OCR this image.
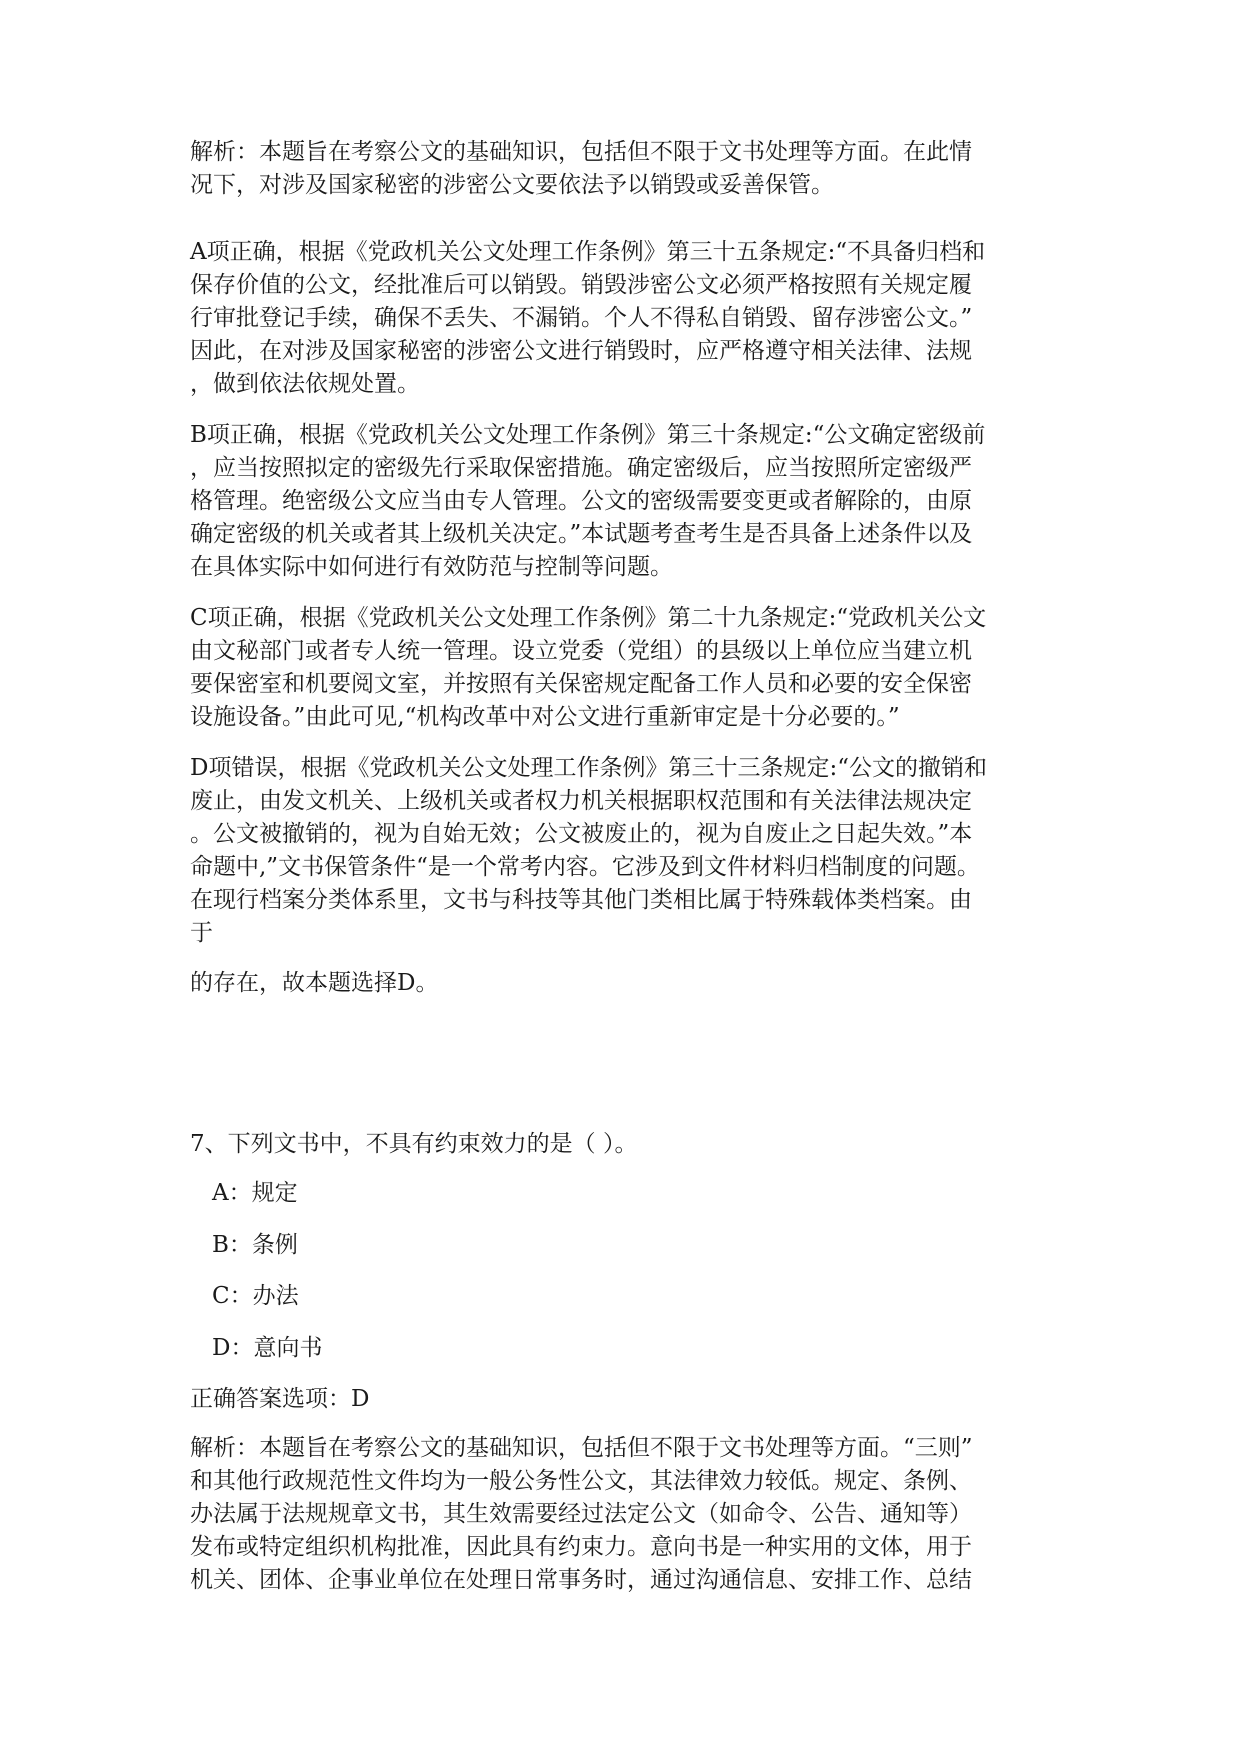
解析：本题旨在考察公文的基础知识，包括但不限于文书处理等方面。在此情
况下，对涉及国家秘密的涉密公文要依法予以销毁或妥善保管。

A项正确，根据《党政机关公文处理工作条例》第三十五条规定:“不具备归档和
保存价值的公文，经批准后可以销毁。销毁涉密公文必须严格按照有关规定履
行审批登记手续，确保不丢失、不漏销。个人不得私自销毁、留存涉密公文。”
因此，在对涉及国家秘密的涉密公文进行销毁时，应严格遵守相关法律、法规
，做到依法依规处置。

B项正确，根据《党政机关公文处理工作条例》第三十条规定:“公文确定密级前
，应当按照拟定的密级先行采取保密措施。确定密级后，应当按照所定密级严
格管理。绝密级公文应当由专人管理。公文的密级需要变更或者解除的，由原
确定密级的机关或者其上级机关决定。”本试题考查考生是否具备上述条件以及
在具体实际中如何进行有效防范与控制等问题。

C项正确，根据《党政机关公文处理工作条例》第二十九条规定:“党政机关公文
由文秘部门或者专人统一管理。设立党委（党组）的县级以上单位应当建立机
要保密室和机要阅文室，并按照有关保密规定配备工作人员和必要的安全保密
设施设备。”由此可见,“机构改革中对公文进行重新审定是十分必要的。”

D项错误，根据《党政机关公文处理工作条例》第三十三条规定:“公文的撤销和
废止，由发文机关、上级机关或者权力机关根据职权范围和有关法律法规决定
。公文被撤销的，视为自始无效；公文被废止的，视为自废止之日起失效。”本
命题中,”文书保管条件“是一个常考内容。它涉及到文件材料归档制度的问题。
在现行档案分类体系里，文书与科技等其他门类相比属于特殊载体类档案。由
于

的存在，故本题选择D。

7、下列文书中，不具有约束效力的是（ ）。

A：规定

B：条例

C：办法

D：意向书

正确答案选项：D

解析：本题旨在考察公文的基础知识，包括但不限于文书处理等方面。“三则”
和其他行政规范性文件均为一般公务性公文，其法律效力较低。规定、条例、
办法属于法规规章文书，其生效需要经过法定公文（如命令、公告、通知等）
发布或特定组织机构批准，因此具有约束力。意向书是一种实用的文体，用于
机关、团体、企事业单位在处理日常事务时，通过沟通信息、安排工作、总结
